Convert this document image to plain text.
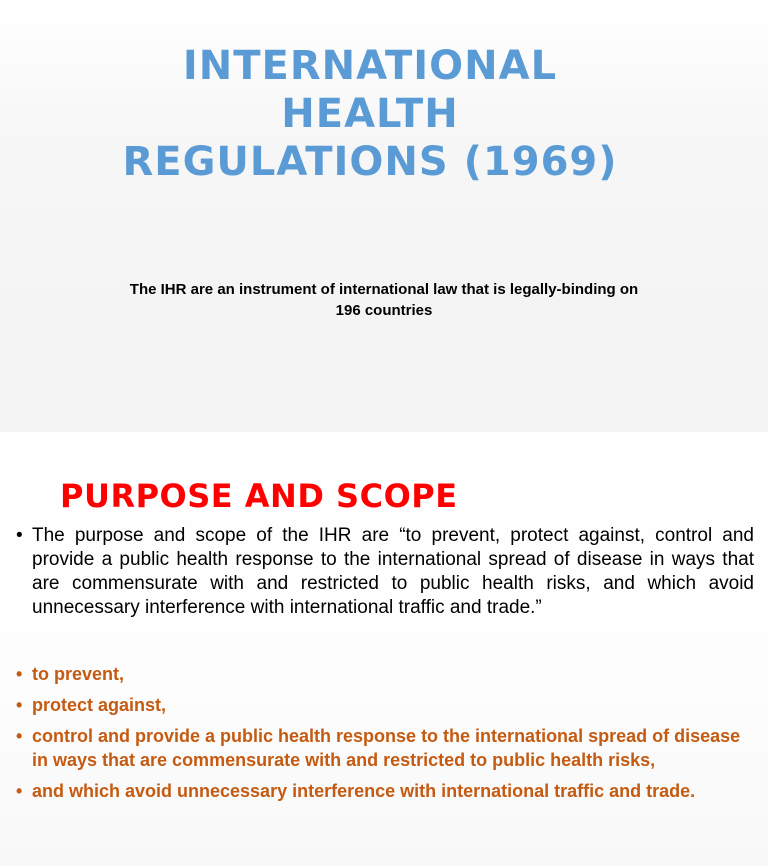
INTERNATIONAL
HEALTH
REGULATIONS (1969)
The IHR are an instrument of international law that is legally-binding on 196 countries
PURPOSE AND SCOPE
• The purpose and scope of the IHR are “to prevent, protect against, control and provide a public health response to the international spread of disease in ways that are commensurate with and restricted to public health risks, and which avoid unnecessary interference with international traffic and trade.”
• to prevent,
• protect against,
• control and provide a public health response to the international spread of disease in ways that are commensurate with and restricted to public health risks,
• and which avoid unnecessary interference with international traffic and trade.
